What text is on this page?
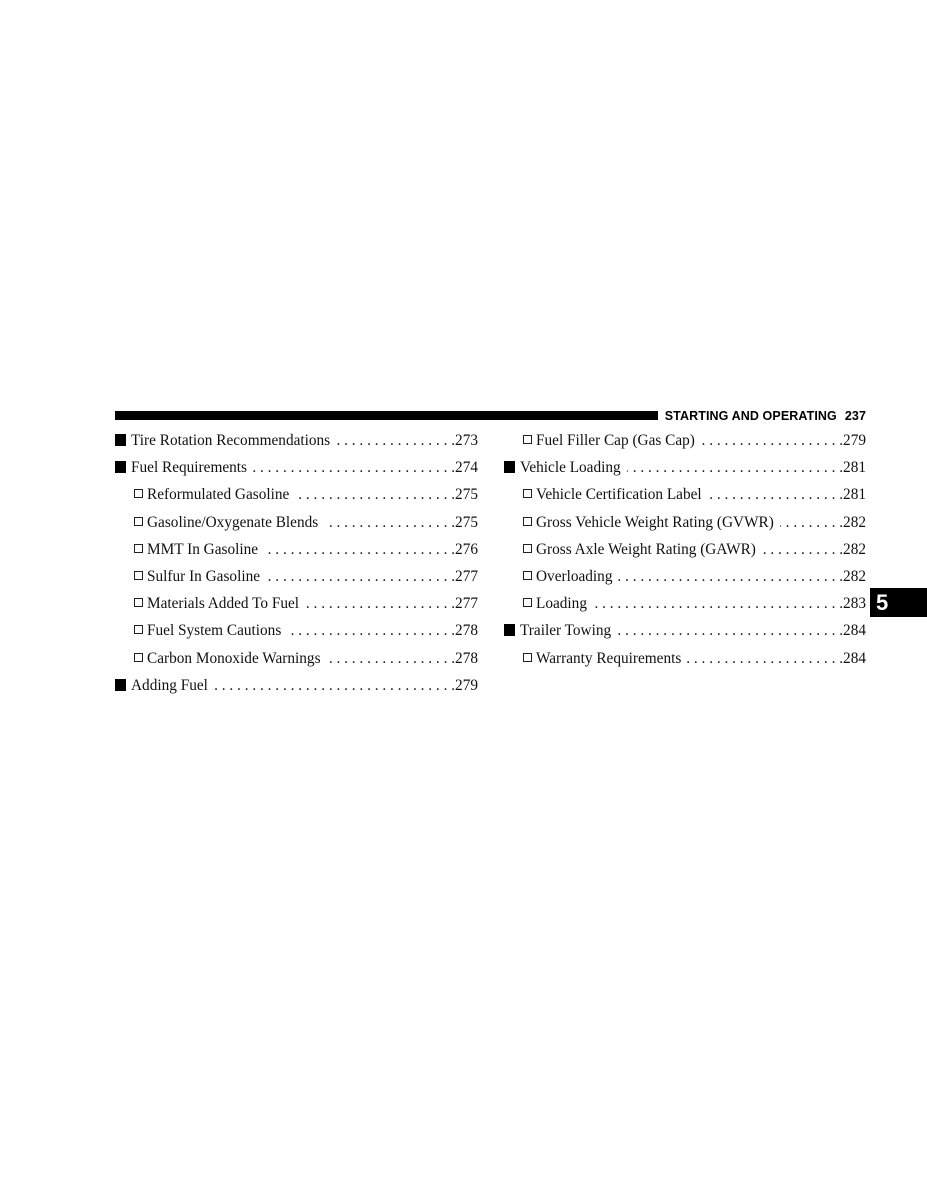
STARTING AND OPERATING 237
Tire Rotation Recommendations . . .	273
Fuel Requirements . . .	274
Reformulated Gasoline . . .	275
Gasoline/Oxygenate Blends . . .	275
MMT In Gasoline . . .	276
Sulfur In Gasoline . . .	277
Materials Added To Fuel . . .	277
Fuel System Cautions . . .	278
Carbon Monoxide Warnings . . .	278
Adding Fuel . . .	279
Fuel Filler Cap (Gas Cap) . . .	279
Vehicle Loading . . .	281
Vehicle Certification Label . . .	281
Gross Vehicle Weight Rating (GVWR) . . .	282
Gross Axle Weight Rating (GAWR) . . .	282
Overloading . . .	282
Loading . . .	283
Trailer Towing . . .	284
Warranty Requirements . . .	284
5
